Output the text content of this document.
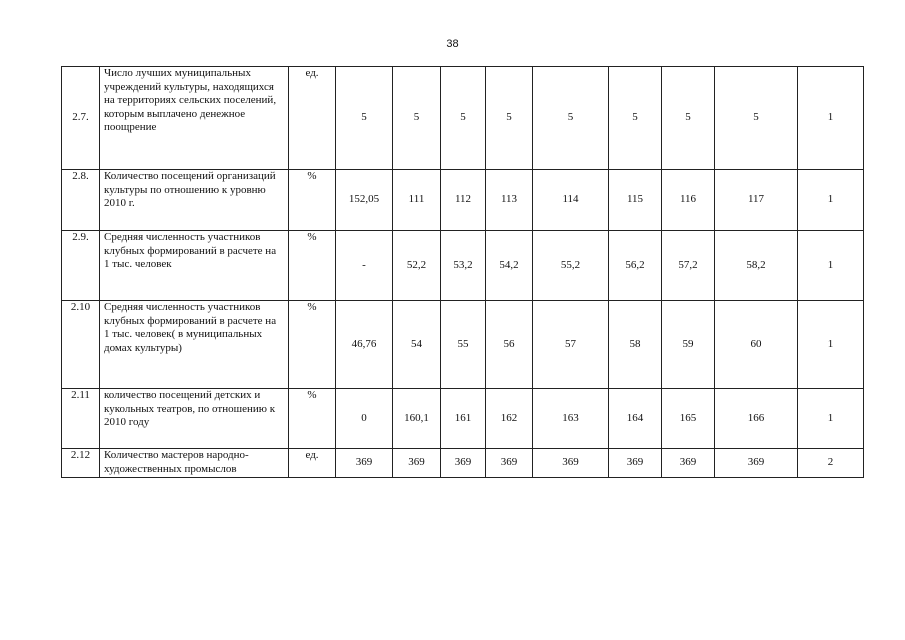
38
2.7.	Число лучших муниципальных учреждений культуры, находящихся на территориях сельских поселений, которым выплачено денежное поощрение	ед.	5	5	5	5	5	5	5	5	1
2.8.	Количество посещений организаций культуры по отношению к уровню 2010 г.	%	152,05	111	112	113	114	115	116	117	1
2.9.	Средняя численность участников клубных формирований в расчете на 1 тыс. человек	%	-	52,2	53,2	54,2	55,2	56,2	57,2	58,2	1
2.10	Средняя численность участников клубных формирований в расчете на 1 тыс. человек( в муниципальных домах культуры)	%	46,76	54	55	56	57	58	59	60	1
2.11	количество посещений детских и кукольных театров, по отношению к 2010 году	%	0	160,1	161	162	163	164	165	166	1
2.12	Количество мастеров народно-художественных промыслов	ед.	369	369	369	369	369	369	369	369	2
